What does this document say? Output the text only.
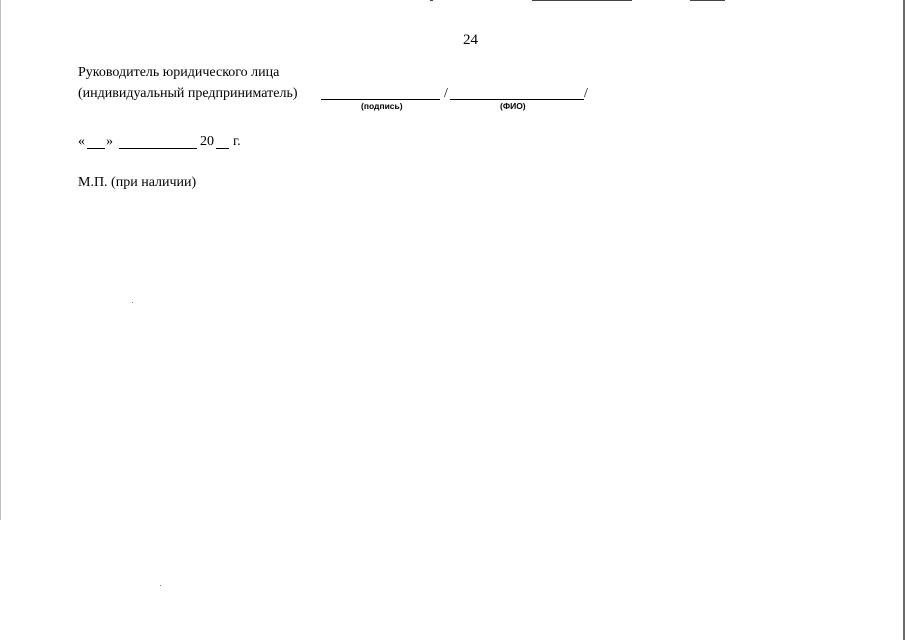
24
Руководитель юридического лица
(индивидуальный предприниматель)	/	/
(подпись)	(ФИО)
« »	20 г.
М.П. (при наличии)
